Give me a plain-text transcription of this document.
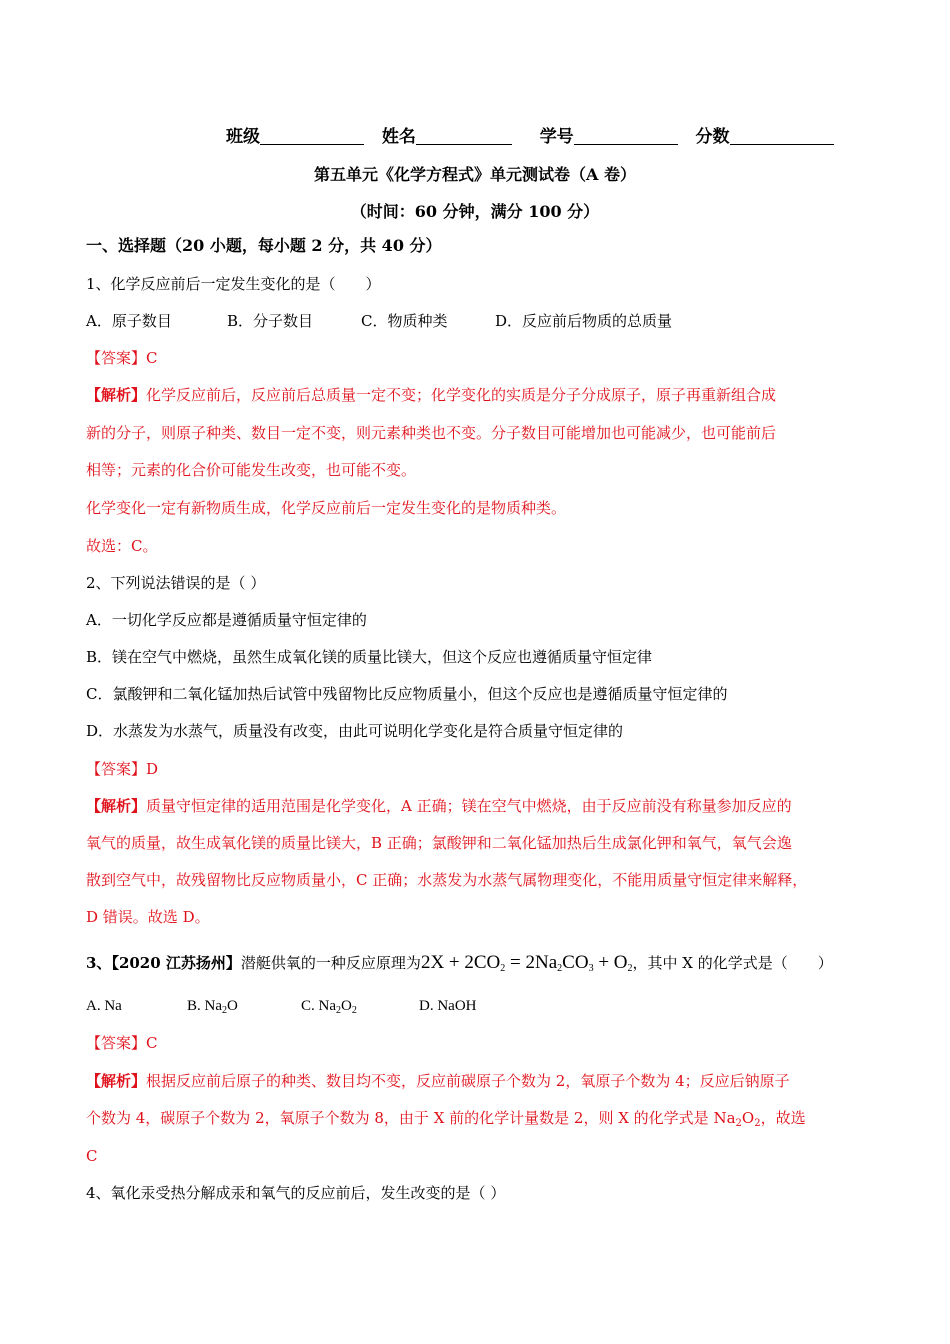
班级	姓名	学号	分数
第五单元《化学方程式》单元测试卷（A 卷）
（时间：60 分钟，满分 100 分）
一、选择题（20 小题，每小题 2 分，共 40 分）
1、化学反应前后一定发生变化的是（　　）
A．原子数目	B．分子数目	C．物质种类	D．反应前后物质的总质量
【答案】C
【解析】化学反应前后，反应前后总质量一定不变；化学变化的实质是分子分成原子，原子再重新组合成
新的分子，则原子种类、数目一定不变，则元素种类也不变。分子数目可能增加也可能减少，也可能前后
相等；元素的化合价可能发生改变，也可能不变。
化学变化一定有新物质生成，化学反应前后一定发生变化的是物质种类。
故选：C。
2、下列说法错误的是（ ）
A．一切化学反应都是遵循质量守恒定律的
B．镁在空气中燃烧，虽然生成氧化镁的质量比镁大，但这个反应也遵循质量守恒定律
C．氯酸钾和二氧化锰加热后试管中残留物比反应物质量小，但这个反应也是遵循质量守恒定律的
D．水蒸发为水蒸气，质量没有改变，由此可说明化学变化是符合质量守恒定律的
【答案】D
【解析】质量守恒定律的适用范围是化学变化，A 正确；镁在空气中燃烧，由于反应前没有称量参加反应的
氧气的质量，故生成氧化镁的质量比镁大，B 正确；氯酸钾和二氧化锰加热后生成氯化钾和氧气，氧气会逸
散到空气中，故残留物比反应物质量小，C 正确；水蒸发为水蒸气属物理变化，不能用质量守恒定律来解释，
D 错误。故选 D。
3、【2020 江苏扬州】潜艇供氧的一种反应原理为$2X + 2CO_2 = 2Na_2CO_3 + O_2$，其中 X 的化学式是（　　）
A. Na	B. $Na_2O$	C. $Na_2O_2$	D. NaOH
【答案】C
【解析】根据反应前后原子的种类、数目均不变，反应前碳原子个数为 2，氧原子个数为 4；反应后钠原子
个数为 4，碳原子个数为 2，氧原子个数为 8，由于 X 前的化学计量数是 2，则 X 的化学式是 $Na_2O_2$，故选
C
4、氧化汞受热分解成汞和氧气的反应前后，发生改变的是（ ）
